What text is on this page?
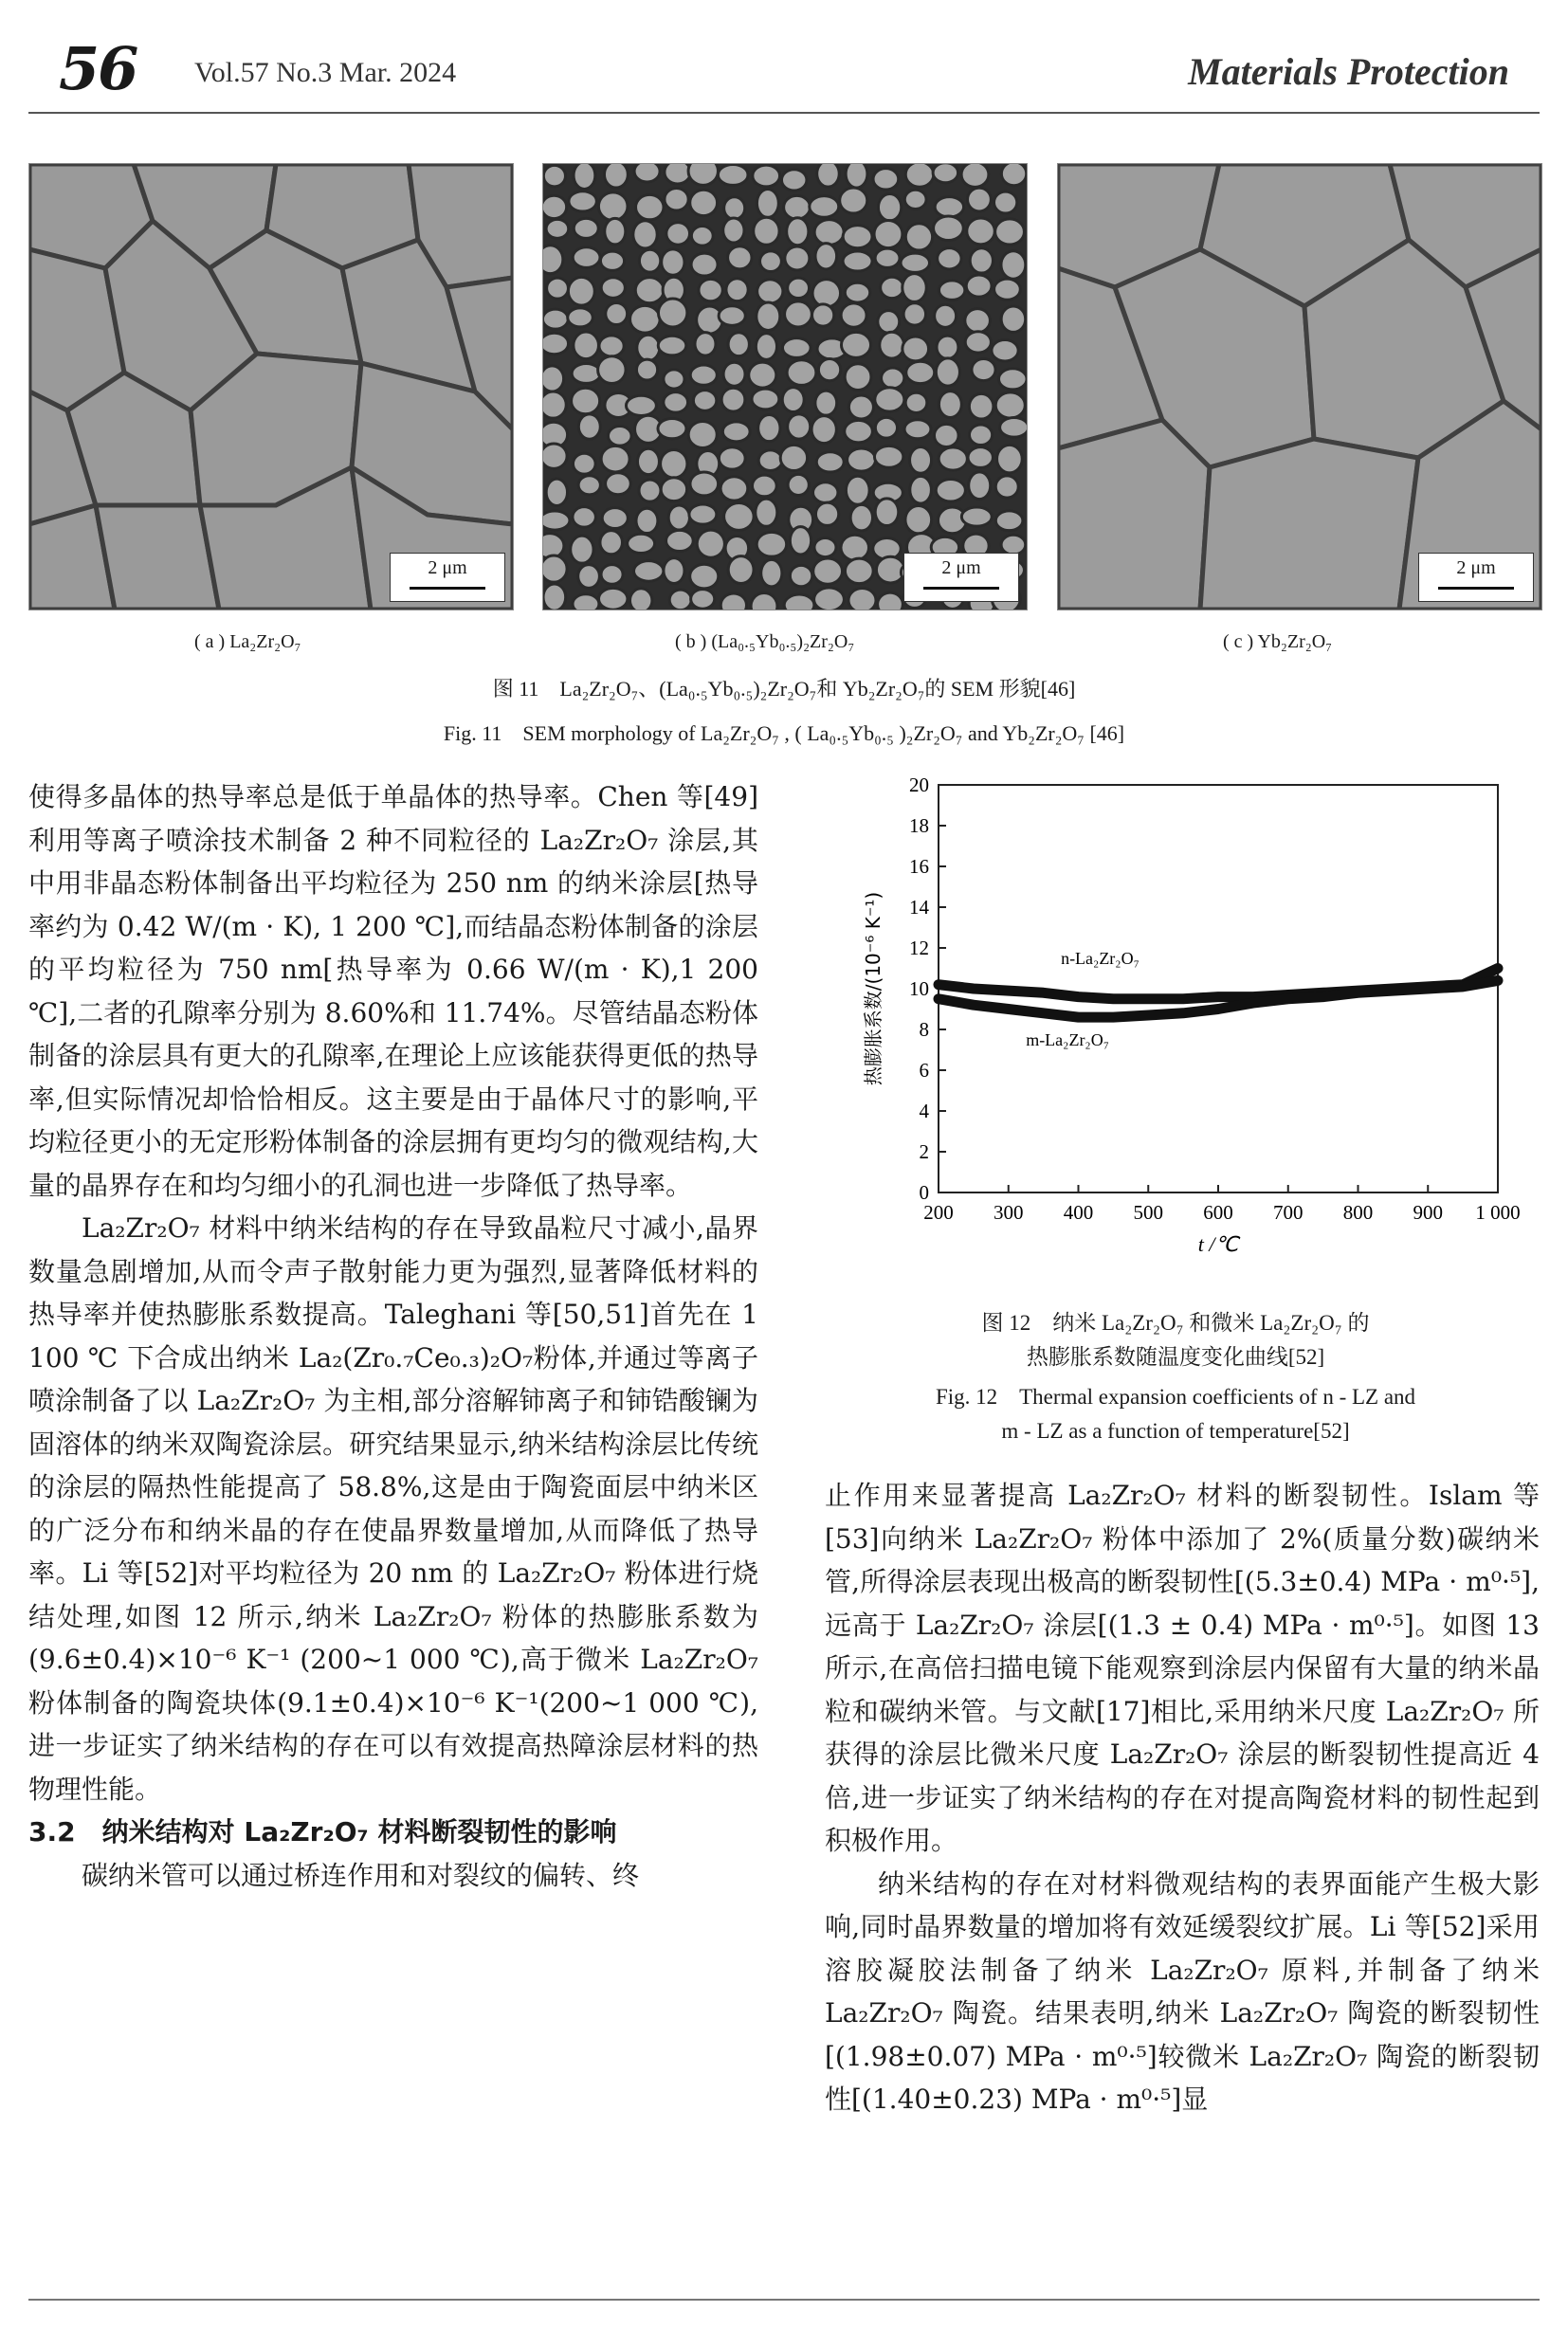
56 Vol.57 No.3 Mar. 2024	Materials Protection
2 μm	2 μm	2 μm
( a ) La₂Zr₂O₇	( b ) (La₀.₅Yb₀.₅)₂Zr₂O₇	( c ) Yb₂Zr₂O₇
图 11　La₂Zr₂O₇、(La₀.₅Yb₀.₅)₂Zr₂O₇和 Yb₂Zr₂O₇的 SEM 形貌[46]
Fig. 11　SEM morphology of La₂Zr₂O₇ , ( La₀.₅Yb₀.₅ )₂Zr₂O₇ and Yb₂Zr₂O₇ [46]

使得多晶体的热导率总是低于单晶体的热导率。Chen 等[49]利用等离子喷涂技术制备 2 种不同粒径的 La₂Zr₂O₇ 涂层,其中用非晶态粉体制备出平均粒径为 250 nm 的纳米涂层[热导率约为 0.42 W/(m · K), 1 200 ℃],而结晶态粉体制备的涂层的平均粒径为 750 nm[热导率为 0.66 W/(m · K),1 200 ℃],二者的孔隙率分别为 8.60%和 11.74%。尽管结晶态粉体制备的涂层具有更大的孔隙率,在理论上应该能获得更低的热导率,但实际情况却恰恰相反。这主要是由于晶体尺寸的影响,平均粒径更小的无定形粉体制备的涂层拥有更均匀的微观结构,大量的晶界存在和均匀细小的孔洞也进一步降低了热导率。

La₂Zr₂O₇ 材料中纳米结构的存在导致晶粒尺寸减小,晶界数量急剧增加,从而令声子散射能力更为强烈,显著降低材料的热导率并使热膨胀系数提高。Taleghani 等[50,51]首先在 1 100 ℃ 下合成出纳米 La₂(Zr₀.₇Ce₀.₃)₂O₇粉体,并通过等离子喷涂制备了以 La₂Zr₂O₇ 为主相,部分溶解铈离子和铈锆酸镧为固溶体的纳米双陶瓷涂层。研究结果显示,纳米结构涂层比传统的涂层的隔热性能提高了 58.8%,这是由于陶瓷面层中纳米区的广泛分布和纳米晶的存在使晶界数量增加,从而降低了热导率。Li 等[52]对平均粒径为 20 nm 的 La₂Zr₂O₇ 粉体进行烧结处理,如图 12 所示,纳米 La₂Zr₂O₇ 粉体的热膨胀系数为(9.6±0.4)×10⁻⁶ K⁻¹ (200~1 000 ℃),高于微米 La₂Zr₂O₇ 粉体制备的陶瓷块体(9.1±0.4)×10⁻⁶ K⁻¹(200~1 000 ℃),进一步证实了纳米结构的存在可以有效提高热障涂层材料的热物理性能。

3.2　纳米结构对 La₂Zr₂O₇ 材料断裂韧性的影响

碳纳米管可以通过桥连作用和对裂纹的偏转、终

0
2
4
6
8
10
12
14
16
18
20
200 300 400 500 600 700 800 900 1 000
t /℃
热膨胀系数/(10⁻⁶ K⁻¹)	n-La₂Zr₂O₇
m-La₂Zr₂O₇
图 12　纳米 La₂Zr₂O₇ 和微米 La₂Zr₂O₇ 的
热膨胀系数随温度变化曲线[52]
Fig. 12　Thermal expansion coefficients of n - LZ and
m - LZ as a function of temperature[52]

止作用来显著提高 La₂Zr₂O₇ 材料的断裂韧性。Islam 等[53]向纳米 La₂Zr₂O₇ 粉体中添加了 2%(质量分数)碳纳米管,所得涂层表现出极高的断裂韧性[(5.3±0.4) MPa · m⁰·⁵],远高于 La₂Zr₂O₇ 涂层[(1.3 ± 0.4) MPa · m⁰·⁵]。如图 13 所示,在高倍扫描电镜下能观察到涂层内保留有大量的纳米晶粒和碳纳米管。与文献[17]相比,采用纳米尺度 La₂Zr₂O₇ 所获得的涂层比微米尺度 La₂Zr₂O₇ 涂层的断裂韧性提高近 4 倍,进一步证实了纳米结构的存在对提高陶瓷材料的韧性起到积极作用。

纳米结构的存在对材料微观结构的表界面能产生极大影响,同时晶界数量的增加将有效延缓裂纹扩展。Li 等[52]采用溶胶凝胶法制备了纳米 La₂Zr₂O₇ 原料,并制备了纳米 La₂Zr₂O₇ 陶瓷。结果表明,纳米 La₂Zr₂O₇ 陶瓷的断裂韧性[(1.98±0.07) MPa · m⁰·⁵]较微米 La₂Zr₂O₇ 陶瓷的断裂韧性[(1.40±0.23) MPa · m⁰·⁵]显
